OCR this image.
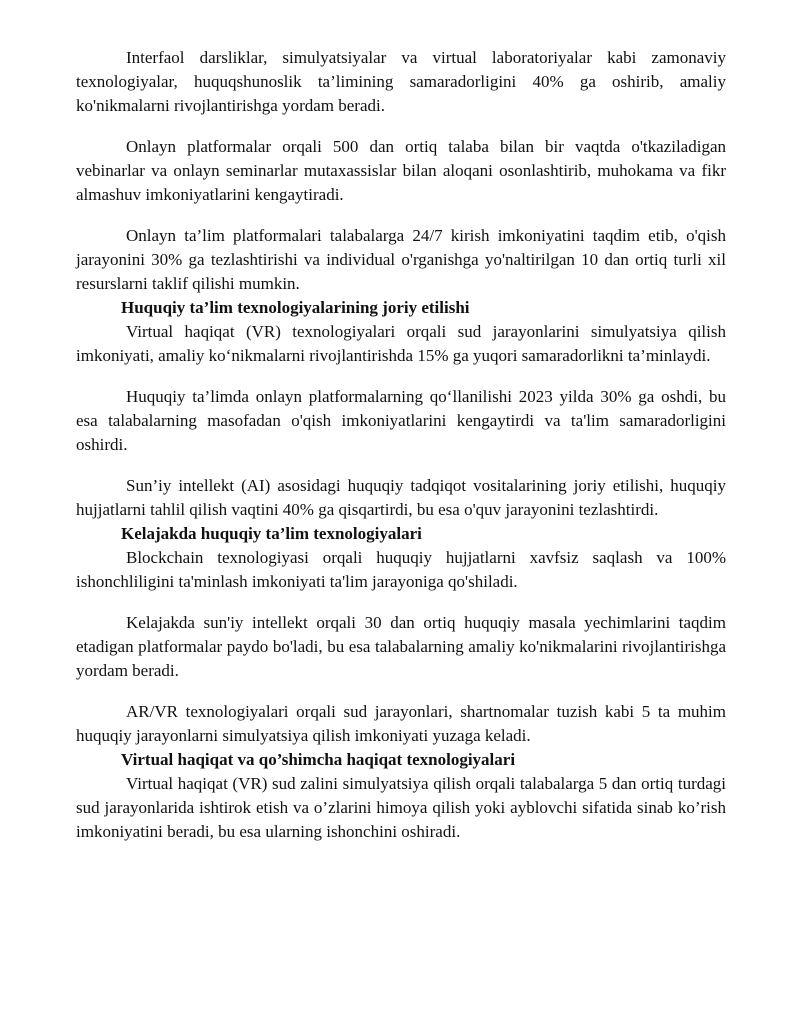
Interfaol darsliklar, simulyatsiyalar va virtual laboratoriyalar kabi zamonaviy texnologiyalar, huquqshunoslik ta’limining samaradorligini 40% ga oshirib, amaliy ko'nikmalarni rivojlantirishga yordam beradi.

Onlayn platformalar orqali 500 dan ortiq talaba bilan bir vaqtda o'tkaziladigan vebinarlar va onlayn seminarlar mutaxassislar bilan aloqani osonlashtirib, muhokama va fikr almashuv imkoniyatlarini kengaytiradi.

Onlayn ta’lim platformalari talabalarga 24/7 kirish imkoniyatini taqdim etib, o'qish jarayonini 30% ga tezlashtirishi va individual o'rganishga yo'naltirilgan 10 dan ortiq turli xil resurslarni taklif qilishi mumkin.

Huquqiy ta’lim texnologiyalarining joriy etilishi

Virtual haqiqat (VR) texnologiyalari orqali sud jarayonlarini simulyatsiya qilish imkoniyati, amaliy ko‘nikmalarni rivojlantirishda 15% ga yuqori samaradorlikni ta’minlaydi.

Huquqiy ta’limda onlayn platformalarning qo‘llanilishi 2023 yilda 30% ga oshdi, bu esa talabalarning masofadan o'qish imkoniyatlarini kengaytirdi va ta'lim samaradorligini oshirdi.

Sun’iy intellekt (AI) asosidagi huquqiy tadqiqot vositalarining joriy etilishi, huquqiy hujjatlarni tahlil qilish vaqtini 40% ga qisqartirdi, bu esa o'quv jarayonini tezlashtirdi.

Kelajakda huquqiy ta’lim texnologiyalari

Blockchain texnologiyasi orqali huquqiy hujjatlarni xavfsiz saqlash va 100% ishonchliligini ta'minlash imkoniyati ta'lim jarayoniga qo'shiladi.

Kelajakda sun'iy intellekt orqali 30 dan ortiq huquqiy masala yechimlarini taqdim etadigan platformalar paydo bo'ladi, bu esa talabalarning amaliy ko'nikmalarini rivojlantirishga yordam beradi.

AR/VR texnologiyalari orqali sud jarayonlari, shartnomalar tuzish kabi 5 ta muhim huquqiy jarayonlarni simulyatsiya qilish imkoniyati yuzaga keladi.

Virtual haqiqat va qo’shimcha haqiqat texnologiyalari

Virtual haqiqat (VR) sud zalini simulyatsiya qilish orqali talabalarga 5 dan ortiq turdagi sud jarayonlarida ishtirok etish va o’zlarini himoya qilish yoki ayblovchi sifatida sinab ko’rish imkoniyatini beradi, bu esa ularning ishonchini oshiradi.
